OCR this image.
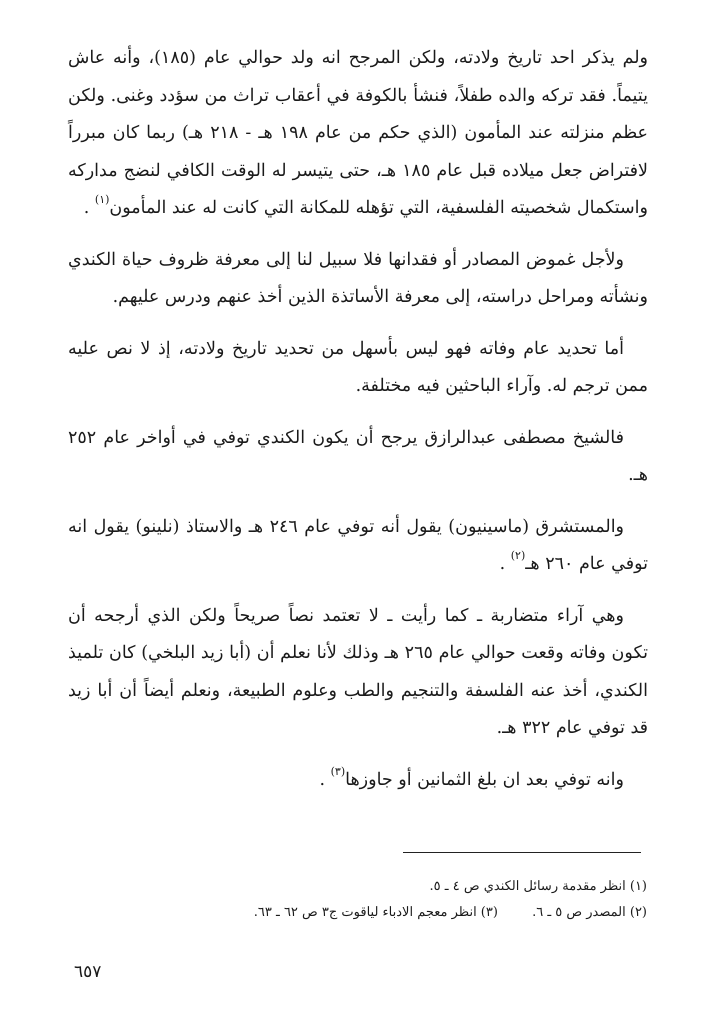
ولم يذكر احد تاريخ ولادته، ولكن المرجح انه ولد حوالي عام (١٨٥)، وأنه عاش يتيماً. فقد تركه والده طفلاً، فنشأ بالكوفة في أعقاب تراث من سؤدد وغنى. ولكن عظم منزلته عند المأمون (الذي حكم من عام ١٩٨ هـ - ٢١٨ هـ) ربما كان مبرراً لافتراض جعل ميلاده قبل عام ١٨٥ هـ، حتى يتيسر له الوقت الكافي لنضج مداركه واستكمال شخصيته الفلسفية، التي تؤهله للمكانة التي كانت له عند المأمون$^{(١)}$ .

ولأجل غموض المصادر أو فقدانها فلا سبيل لنا إلى معرفة ظروف حياة الكندي ونشأته ومراحل دراسته، إلى معرفة الأساتذة الذين أخذ عنهم ودرس عليهم.

أما تحديد عام وفاته فهو ليس بأسهل من تحديد تاريخ ولادته، إذ لا نص عليه ممن ترجم له. وآراء الباحثين فيه مختلفة.

فالشيخ مصطفى عبدالرازق يرجح أن يكون الكندي توفي في أواخر عام ٢٥٢ هـ.

والمستشرق (ماسينيون) يقول أنه توفي عام ٢٤٦ هـ والاستاذ (نلينو) يقول انه توفي عام ٢٦٠ هـ$^{(٢)}$ .

وهي آراء متضاربة ـ كما رأيت ـ لا تعتمد نصاً صريحاً ولكن الذي أرجحه أن تكون وفاته وقعت حوالي عام ٢٦٥ هـ وذلك لأنا نعلم أن (أبا زيد البلخي) كان تلميذ الكندي، أخذ عنه الفلسفة والتنجيم والطب وعلوم الطبيعة، ونعلم أيضاً أن أبا زيد قد توفي عام ٣٢٢ هـ.

وانه توفي بعد ان بلغ الثمانين أو جاوزها$^{(٣)}$ .

(١) انظر مقدمة رسائل الكندي ص ٤ ـ ٥.
(٢) المصدر ص ٥ ـ ٦. (٣) انظر معجم الادباء لياقوت ج٣ ص ٦٢ ـ ٦٣.
٦٥٧
